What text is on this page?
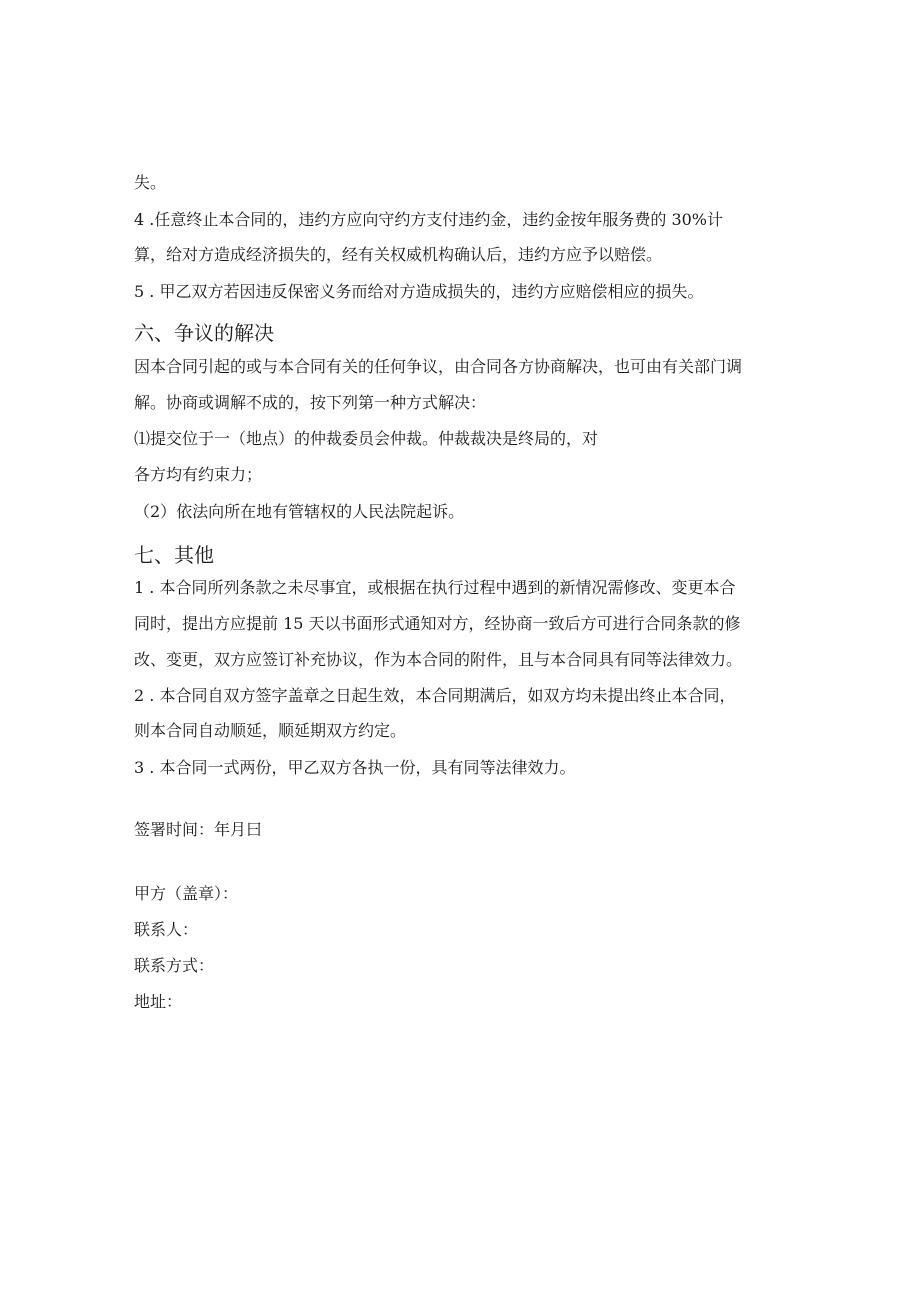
失。

4 .任意终止本合同的，违约方应向守约方支付违约金，违约金按年服务费的 30%计

算，给对方造成经济损失的，经有关权威机构确认后，违约方应予以赔偿。

5 . 甲乙双方若因违反保密义务而给对方造成损失的，违约方应赔偿相应的损失。

六、争议的解决

因本合同引起的或与本合同有关的任何争议，由合同各方协商解决，也可由有关部门调

解。协商或调解不成的，按下列第一种方式解决：

⑴提交位于一（地点）的仲裁委员会仲裁。仲裁裁决是终局的，对

各方均有约束力；

（2）依法向所在地有管辖权的人民法院起诉。

七、其他

1 . 本合同所列条款之未尽事宜，或根据在执行过程中遇到的新情况需修改、变更本合

同时，提出方应提前 15 天以书面形式通知对方，经协商一致后方可进行合同条款的修

改、变更，双方应签订补充协议，作为本合同的附件，且与本合同具有同等法律效力。

2 . 本合同自双方签字盖章之日起生效，本合同期满后，如双方均未提出终止本合同，

则本合同自动顺延，顺延期双方约定。

3 . 本合同一式两份，甲乙双方各执一份，具有同等法律效力。

签署时间：年月曰

甲方（盖章）：

联系人：

联系方式：

地址：
